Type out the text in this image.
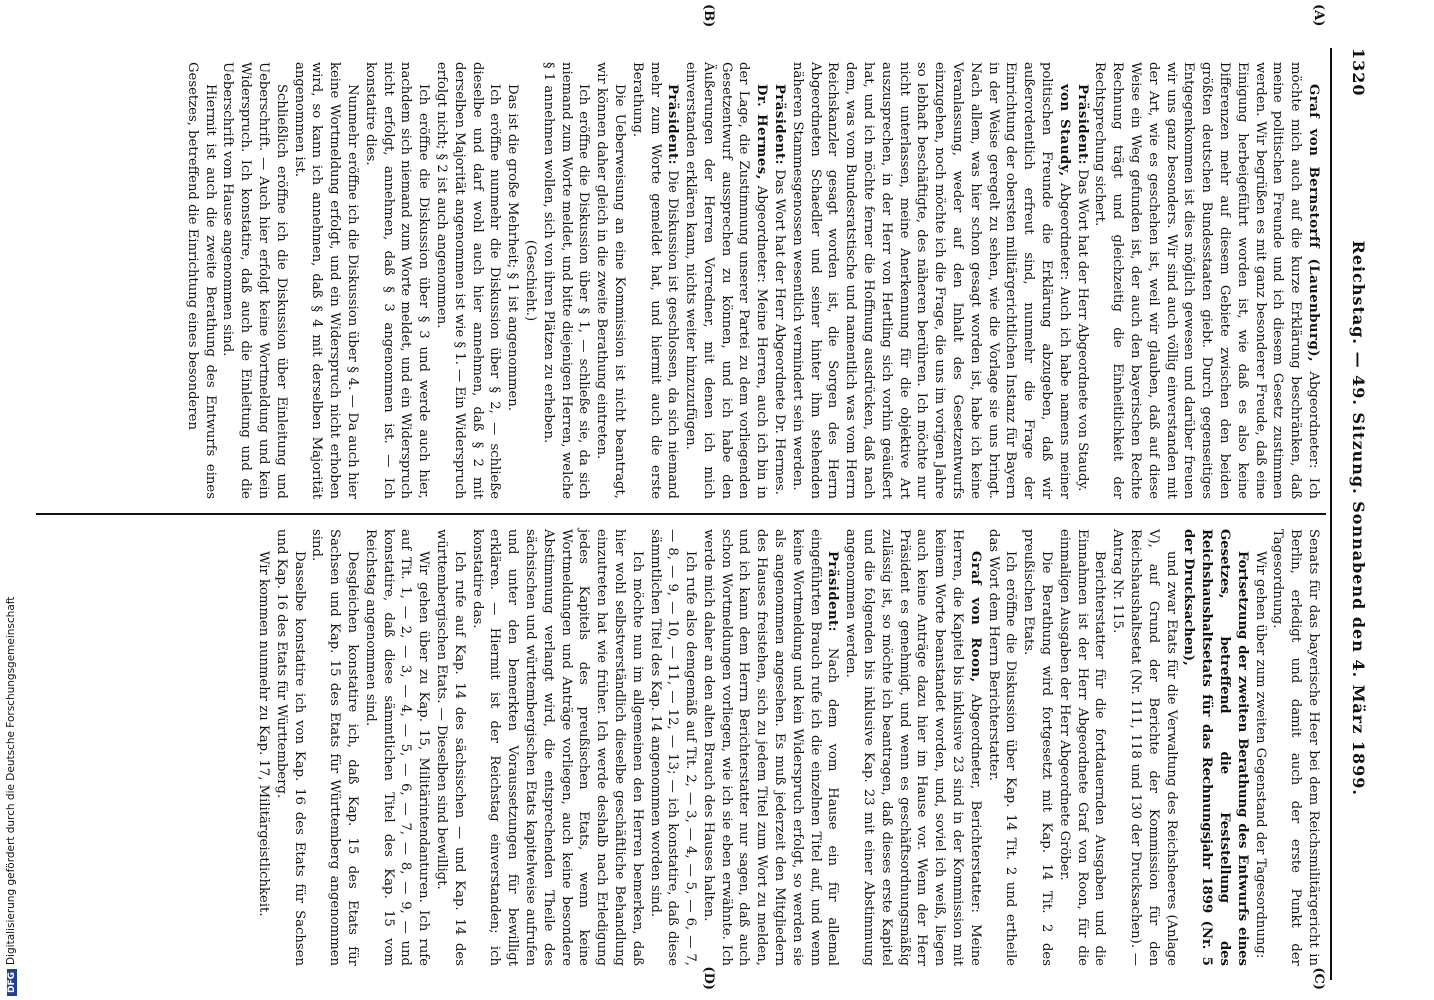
1320
Reichstag. — 49. Sitzung. Sonnabend den 4. März 1899.
(A)
(B)
(C)
(D)

Graf von Bernstorff (Lauenburg), Abgeordneter: Ich möchte mich auch auf die kurze Erklärung beschränken, daß meine politischen Freunde und ich diesem Gesetz zustimmen werden. Wir begrüßen es mit ganz besonderer Freude, daß eine Einigung herbeigeführt worden ist, wie daß es also keine Differenzen mehr auf diesem Gebiete zwischen den beiden größten deutschen Bundesstaaten giebt. Durch gegenseitiges Entgegenkommen ist dies möglich gewesen und darüber freuen wir uns ganz besonders. Wir sind auch völlig einverstanden mit der Art, wie es geschehen ist, weil wir glauben, daß auf diese Weise ein Weg gefunden ist, der auch den bayerischen Rechte Rechnung trägt und gleichzeitig die Einheitlichkeit der Rechtsprechung sichert.

Präsident: Das Wort hat der Herr Abgeordnete von Staudy.

von Staudy, Abgeordneter: Auch ich habe namens meiner politischen Freunde die Erklärung abzugeben, daß wir außerordentlich erfreut sind, nunmehr die Frage der Einrichtung der obersten militärgerichtlichen Instanz für Bayern in der Weise geregelt zu sehen, wie die Vorlage sie uns bringt. Nach allem, was hier schon gesagt worden ist, habe ich keine Veranlassung, weder auf den Inhalt des Gesetzentwurfs einzugehen, noch möchte ich die Frage, die uns im vorigen Jahre so lebhaft beschäftigte, des näheren berühren. Ich möchte nur nicht unterlassen, meine Anerkennung für die objektive Art auszusprechen, in der Herr von Hertling sich vorhin geäußert hat, und ich möchte ferner die Hoffnung ausdrücken, daß nach dem, was vom Bundesratstische und namentlich was vom Herrn Reichskanzler gesagt worden ist, die Sorgen des Herrn Abgeordneten Schaedler und seiner hinter ihm stehenden näheren Stammesgenossen wesentlich vermindert sein werden.

Präsident: Das Wort hat der Herr Abgeordnete Dr. Hermes.

Dr. Hermes, Abgeordneter: Meine Herren, auch ich bin in der Lage, die Zustimmung unserer Partei zu dem vorliegenden Gesetzentwurf aussprechen zu können, und ich habe den Äußerungen der Herren Vorredner, mit denen ich mich einverstanden erklären kann, nichts weiter hinzuzufügen.

Präsident: Die Diskussion ist geschlossen, da sich niemand mehr zum Worte gemeldet hat, und hiermit auch die erste Berathung.

Die Ueberweisung an eine Kommission ist nicht beantragt, wir können daher gleich in die zweite Berathung eintreten.

Ich eröffne die Diskussion über § 1, — schließe sie, da sich niemand zum Worte meldet, und bitte diejenigen Herren, welche § 1 annehmen wollen, sich von ihren Plätzen zu erheben.

(Geschieht.)

Das ist die große Mehrheit; § 1 ist angenommen.

Ich eröffne nunmehr die Diskussion über § 2, — schließe dieselbe und darf wohl auch hier annehmen, daß § 2 mit derselben Majorität angenommen ist wie § 1. — Ein Widerspruch erfolgt nicht; § 2 ist auch angenommen.

Ich eröffne die Diskussion über § 3 und werde auch hier, nachdem sich niemand zum Worte meldet, und ein Widerspruch nicht erfolgt, annehmen, daß § 3 angenommen ist. — Ich konstatire dies.

Nunmehr eröffne ich die Diskussion über § 4. — Da auch hier keine Wortmeldung erfolgt, und ein Widerspruch nicht erhoben wird, so kann ich annehmen, daß § 4 mit derselben Majorität angenommen ist.

Schließlich eröffne ich die Diskussion über Einleitung und Ueberschrift. — Auch hier erfolgt keine Wortmeldung und kein Widerspruch. Ich konstatire, daß auch die Einleitung und die Ueberschrift vom Hause angenommen sind.

Hiermit ist auch die zweite Berathung des Entwurfs eines Gesetzes, betreffend die Einrichtung eines besonderen

Senats für das bayerische Heer bei dem Reichsmilitärgericht in Berlin, erledigt und damit auch der erste Punkt der Tagesordnung.

Wir gehen über zum zweiten Gegenstand der Tagesordnung:

Fortsetzung der zweiten Berathung des Entwurfs eines Gesetzes, betreffend die Feststellung des Reichshaushaltsetats für das Rechnungsjahr 1899 (Nr. 5 der Drucksachen),

und zwar Etats für die Verwaltung des Reichsheeres (Anlage V), auf Grund der Berichte der Kommission für den Reichshaushaltsetat (Nr. 111, 118 und 130 der Drucksachen). — Antrag Nr. 115.

Berichterstatter für die fortdauernden Ausgaben und die Einnahmen ist der Herr Abgeordnete Graf von Roon, für die einmaligen Ausgaben der Herr Abgeordnete Gröber.

Die Berathung wird fortgesetzt mit Kap. 14 Tit. 2 des preußischen Etats.

Ich eröffne die Diskussion über Kap. 14 Tit. 2 und ertheile das Wort dem Herrn Berichterstatter.

Graf von Roon, Abgeordneter, Berichterstatter: Meine Herren, die Kapitel bis inklusive 23 sind in der Kommission mit keinem Worte beanstandet worden, und, soviel ich weiß, liegen auch keine Anträge dazu hier im Hause vor. Wenn der Herr Präsident es genehmigt, und wenn es geschäftsordnungsmäßig zulässig ist, so möchte ich beantragen, daß dieses erste Kapitel und die folgenden bis inklusive Kap. 23 mit einer Abstimmung angenommen werden.

Präsident: Nach dem vom Hause ein für allemal eingeführten Brauch rufe ich die einzelnen Titel auf, und wenn keine Wortmeldung und kein Widerspruch erfolgt, so werden sie als angenommen angesehen. Es muß jederzeit den Mitgliedern des Hauses freistehen, sich zu jedem Titel zum Wort zu melden, und ich kann dem Herrn Berichterstatter nur sagen, daß auch schon Wortmeldungen vorliegen, wie ich sie eben erwähnte. Ich werde mich daher an den alten Brauch des Hauses halten.

Ich rufe also demgemäß auf Tit. 2, — 3, — 4, — 5, — 6, — 7, — 8, — 9, — 10, — 11, — 12, — 13; — ich konstatire, daß diese sämmtlichen Titel des Kap. 14 angenommen worden sind.

Ich möchte nun im allgemeinen den Herren bemerken, daß hier wohl selbstverständlich dieselbe geschäftliche Behandlung einzutreten hat wie früher. Ich werde deshalb nach Erledigung jedes Kapitels des preußischen Etats, wenn keine Wortmeldungen und Anträge vorliegen, auch keine besondere Abstimmung verlangt wird, die entsprechenden Theile des sächsischen und württembergischen Etats kapitelweise aufrufen und unter den bemerkten Voraussetzungen für bewilligt erklären. — Hiermit ist der Reichstag einverstanden; ich konstatire das.

Ich rufe auf Kap. 14 des sächsischen — und Kap. 14 des württembergischen Etats. — Dieselben sind bewilligt.

Wir gehen über zu Kap. 15, Militärintendanturen. Ich rufe auf Tit. 1, — 2, — 3, — 4, — 5, — 6, — 7, — 8, — 9, — und konstatire, daß diese sämmtlichen Titel des Kap. 15 vom Reichstag angenommen sind.

Desgleichen konstatire ich, daß Kap. 15 des Etats für Sachsen und Kap. 15 des Etats für Württemberg angenommen sind.

Dasselbe konstatire ich von Kap. 16 des Etats für Sachsen und Kap. 16 des Etats für Württemberg.

Wir kommen nunmehr zu Kap. 17, Militärgeistlichkeit.

DFGDigitalisierung gefördert durch die Deutsche Forschungsgemeinschaft
